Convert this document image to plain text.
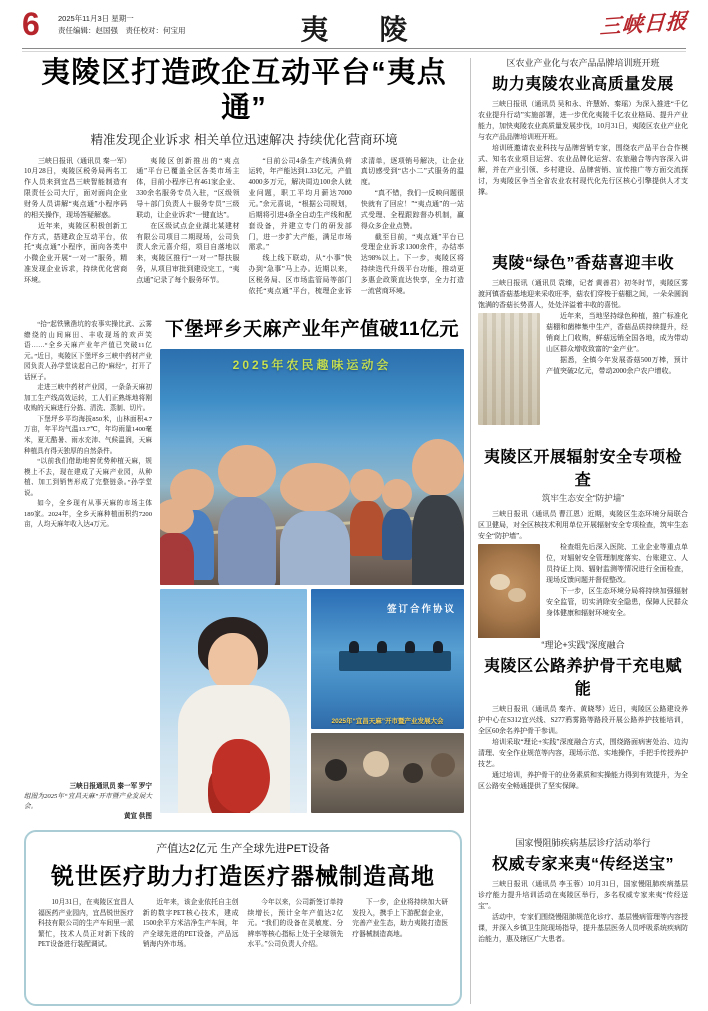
6 2025年11月3日 星期一
责任编辑：赵国强　责任校对：何宝用	夷 陵	三峡日报
夷陵区打造政企互动平台“夷点通”
精准发现企业诉求 相关单位迅速解决 持续优化营商环境

三峡日报讯（通讯员 秦一军）10月28日，夷陵区税务局两名工作人员来到宜昌三峡智能制造有限责任公司大厅，面对面向企业财务人员讲解“夷点通”小程序码的相关操作，现场答疑解惑。

近年来，夷陵区积极创新工作方式，搭建政企互动平台，依托“夷点通”小程序，面向各类中小微企业开展“一对一”服务，精准发现企业诉求，持续优化营商环境。

夷陵区创新推出的“夷点通”平台已覆盖全区各类市场主体，目前小程序已有461家企业、330余名服务专员入驻，“区级领导＋部门负责人＋服务专员”三级联动，让企业诉求“一键直达”。

在区级试点企业湖北某建材有限公司项目二期现场，公司负责人余元喜介绍，项目自落地以来，夷陵区推行“一对一”帮扶服务，从项目审批到建设完工，“夷点通”记录了每个服务环节。

“目前公司4条生产线满负荷运转，年产能达到1.33亿元，产值4000多万元，解决周边100余人就业问题，职工平均月薪达7000元。”余元喜说，“根据公司规划，后期将引进4条全自动生产线和配套设备，并建立专门的研发部门，进一步扩大产能，满足市场需求。”

线上线下联动，从“小事”快办到“急事”马上办。近期以来，区税务局、区市场监管局等部门依托“夷点通”平台，梳理企业诉求清单，逐项销号解决，让企业真切感受到“店小二”式服务的温度。

“真不错，我们一反映问题很快就有了回应！”“夷点通”的一站式受理、全程跟踪督办机制，赢得众多企业点赞。

截至目前，“夷点通”平台已受理企业诉求1300余件，办结率达98%以上。下一步，夷陵区将持续迭代升级平台功能，推动更多惠企政策直达快享，全力打造一流营商环境。

“拾”起铁锹凿坑的农事实操比武、云雾缭绕的山间麻田、丰收现场的欢声笑语……“全乡天麻产业年产值已突破11亿元。”近日，夷陵区下堡坪乡三峡中药材产业园负责人孙学堂谈起自己的“麻经”，打开了话匣子。

走进三峡中药材产业园，一条条天麻初加工生产线高效运转，工人们正熟练地将刚收购的天麻进行分拣、清洗、蒸制、切片。

下堡坪乡平均海拔850米，山林面积4.7万亩，年平均气温13.7℃，年均雨量1400毫米，夏无酷暑、雨水充沛、气候温润，天麻种植具有得天独厚的自然条件。

“以前我们借助地窖优势种植天麻，规模上不去，现在建成了天麻产业园，从种植、加工到销售形成了完整链条。”孙学堂说。

如今，全乡现有从事天麻的市场主体189家。2024年，全乡天麻种植面积约7200亩，人均天麻年收入达4万元。

三峡日报通讯员 秦一军 罗宁
组图为2025年“宜昌天麻”开市暨产业发展大会。
黄宣 供图
下堡坪乡天麻产业年产值破11亿元
2025年农民趣味运动会
签订合作协议
2025年“宜昌天麻”开市暨产业发展大会
产值达2亿元 生产全球先进PET设备
锐世医疗助力打造医疗器械制造高地

10月31日，在夷陵区宜昌人福医药产业园内，宜昌锐世医疗科技有限公司的生产车间里一派繁忙，技术人员正对新下线的PET设备进行装配调试。

近年来，该企业依托自主创新的数字PET核心技术，建成1500余平方米洁净生产车间，年产全球先进的PET设备，产品远销海内外市场。

今年以来，公司新签订单持续增长，预计全年产值达2亿元。“我们的设备在灵敏度、分辨率等核心指标上处于全球领先水平。”公司负责人介绍。

下一步，企业将持续加大研发投入，携手上下游配套企业，完善产业生态，助力夷陵打造医疗器械制造高地。

区农业产业化与农产品品牌培训班开班
助力夷陵农业高质量发展

三峡日报讯（通讯员 吴和永、许慧娇、秦瑶）为深入推进“千亿农业提升行动”实施部署，进一步优化夷陵千亿农业格局、提升产业能力，加快夷陵农业高质量发展步伐，10月31日，夷陵区农业产业化与农产品品牌培训班开班。

培训班邀请农业科技与品牌营销专家，围绕农产品平台合作模式、知名农业项目运营、农业品牌化运营、农旅融合等内容深入讲解，并在产业引领、乡村建设、品牌营销、宣传推广等方面交流探讨，为夷陵区争当全省农业农村现代化先行区核心引擎提供人才支撑。

夷陵“绿色”香菇喜迎丰收

三峡日报讯（通讯员 袁臻，记者 黄善君）初冬时节，夷陵区雾渡河镇香菇基地迎来采收旺季，菇农们穿梭于菇棚之间，一朵朵圆润饱满的香菇长势喜人，处处洋溢着丰收的喜悦。

近年来，当地坚持绿色种植，推广标准化菇棚和菌棒集中生产，香菇品质持续提升，经销商上门收购，鲜菇远销全国各地，成为带动山区群众增收致富的“金产业”。

据悉，全镇今年发展香菇500万棒，预计产值突破2亿元，带动2000余户农户增收。

夷陵区开展辐射安全专项检查
筑牢生态安全“防护墙”

三峡日报讯（通讯员 曹江恩）近期，夷陵区生态环境分局联合区卫健局，对全区核技术利用单位开展辐射安全专项检查，筑牢生态安全“防护墙”。

检查组先后深入医院、工业企业等重点单位，对辐射安全管理制度落实、台账建立、人员持证上岗、辐射监测等情况进行全面检查，现场反馈问题并督促整改。

下一步，区生态环境分局将持续加强辐射安全监管，切实消除安全隐患，保障人民群众身体健康和辐射环境安全。

“理论+实践”深度融合
夷陵区公路养护骨干充电赋能

三峡日报讯（通讯员 秦卉、黄晓琴）近日，夷陵区公路建设养护中心在S312宜兴线、S277鸦雾路等路段开展公路养护技能培训，全区60余名养护骨干参训。

培训采取“理论+实践”深度融合方式，围绕路面病害处治、边沟清理、安全作业规范等内容，现场示范、实地操作，手把手传授养护技艺。

通过培训，养护骨干的业务素质和实操能力得到有效提升，为全区公路安全畅通提供了坚实保障。

国家慢阻肺疾病基层诊疗活动举行
权威专家来夷“传经送宝”

三峡日报讯（通讯员 李玉蓉）10月31日，国家慢阻肺疾病基层诊疗能力提升培训活动在夷陵区举行，多名权威专家来夷“传经送宝”。

活动中，专家们围绕慢阻肺规范化诊疗、基层慢病管理等内容授课，并深入乡镇卫生院现场指导，提升基层医务人员呼吸系统疾病防治能力，惠及辖区广大患者。
